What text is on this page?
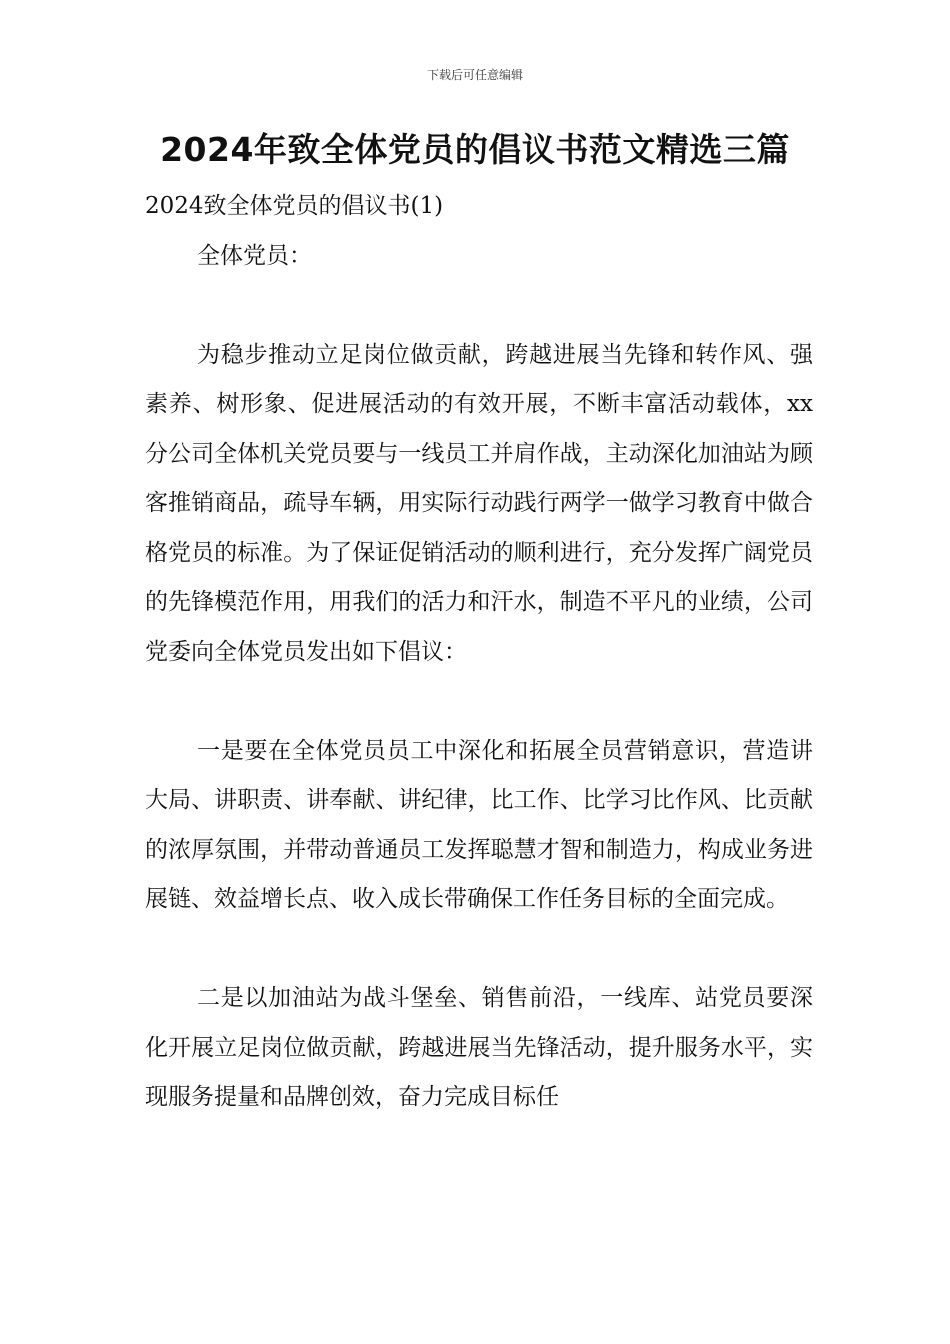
下载后可任意编辑
2024年致全体党员的倡议书范文精选三篇

2024致全体党员的倡议书(1)

全体党员：

为稳步推动立足岗位做贡献，跨越进展当先锋和转作风、强素养、树形象、促进展活动的有效开展，不断丰富活动载体，xx分公司全体机关党员要与一线员工并肩作战，主动深化加油站为顾客推销商品，疏导车辆，用实际行动践行两学一做学习教育中做合格党员的标准。为了保证促销活动的顺利进行，充分发挥广阔党员的先锋模范作用，用我们的活力和汗水，制造不平凡的业绩，公司党委向全体党员发出如下倡议：

一是要在全体党员员工中深化和拓展全员营销意识，营造讲大局、讲职责、讲奉献、讲纪律，比工作、比学习比作风、比贡献的浓厚氛围，并带动普通员工发挥聪慧才智和制造力，构成业务进展链、效益增长点、收入成长带确保工作任务目标的全面完成。

二是以加油站为战斗堡垒、销售前沿，一线库、站党员要深化开展立足岗位做贡献，跨越进展当先锋活动，提升服务水平，实现服务提量和品牌创效，奋力完成目标任
